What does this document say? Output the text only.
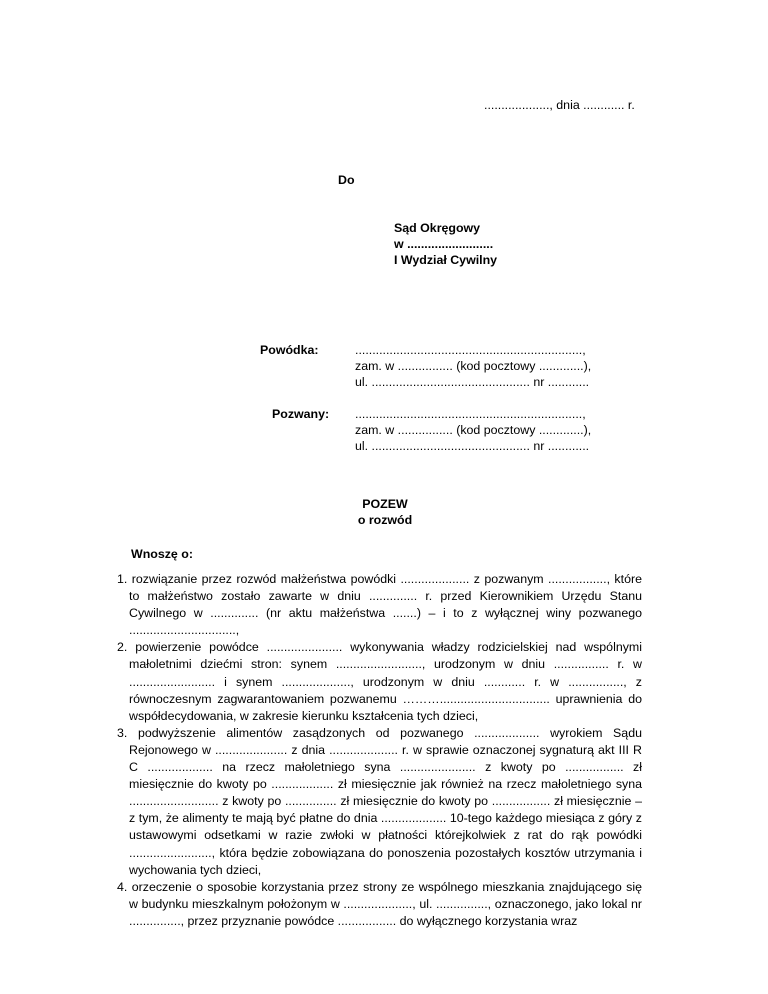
..................., dnia ............ r.
Do
Sąd Okręgowy
w .........................
I Wydział Cywilny
Powódka:	..................................................................,
zam. w ................ (kod pocztowy .............),
ul. .............................................. nr ............
Pozwany: ..................................................................,
zam. w ................ (kod pocztowy .............),
ul. .............................................. nr ............
POZEW
o rozwód
Wnoszę o:
1. rozwiązanie przez rozwód małżeństwa powódki .................... z pozwanym ................., które to małżeństwo zostało zawarte w dniu .............. r. przed Kierownikiem Urzędu Stanu Cywilnego w .............. (nr aktu małżeństwa .......) – i to z wyłącznej winy pozwanego ...............................,
2. powierzenie powódce ...................... wykonywania władzy rodzicielskiej nad wspólnymi małoletnimi dziećmi stron: synem ........................., urodzonym w dniu ................ r. w ......................... i synem ...................., urodzonym w dniu ............ r. w ................, z równoczesnym zagwarantowaniem pozwanemu ………................................ uprawnienia do współdecydowania, w zakresie kierunku kształcenia tych dzieci,
3. podwyższenie alimentów zasądzonych od pozwanego ................... wyrokiem Sądu Rejonowego w ..................... z dnia .................... r. w sprawie oznaczonej sygnaturą akt III R C ................... na rzecz małoletniego syna ...................... z kwoty po ................. zł miesięcznie do kwoty po .................. zł miesięcznie jak również na rzecz małoletniego syna .......................... z kwoty po ............... zł miesięcznie do kwoty po ................. zł miesięcznie – z tym, że alimenty te mają być płatne do dnia ................... 10-tego każdego miesiąca z góry z ustawowymi odsetkami w razie zwłoki w płatności którejkolwiek z rat do rąk powódki ........................, która będzie zobowiązana do ponoszenia pozostałych kosztów utrzymania i wychowania tych dzieci,
4. orzeczenie o sposobie korzystania przez strony ze wspólnego mieszkania znajdującego się w budynku mieszkalnym położonym w ...................., ul. ..............., oznaczonego, jako lokal nr ..............., przez przyznanie powódce ................. do wyłącznego korzystania wraz
